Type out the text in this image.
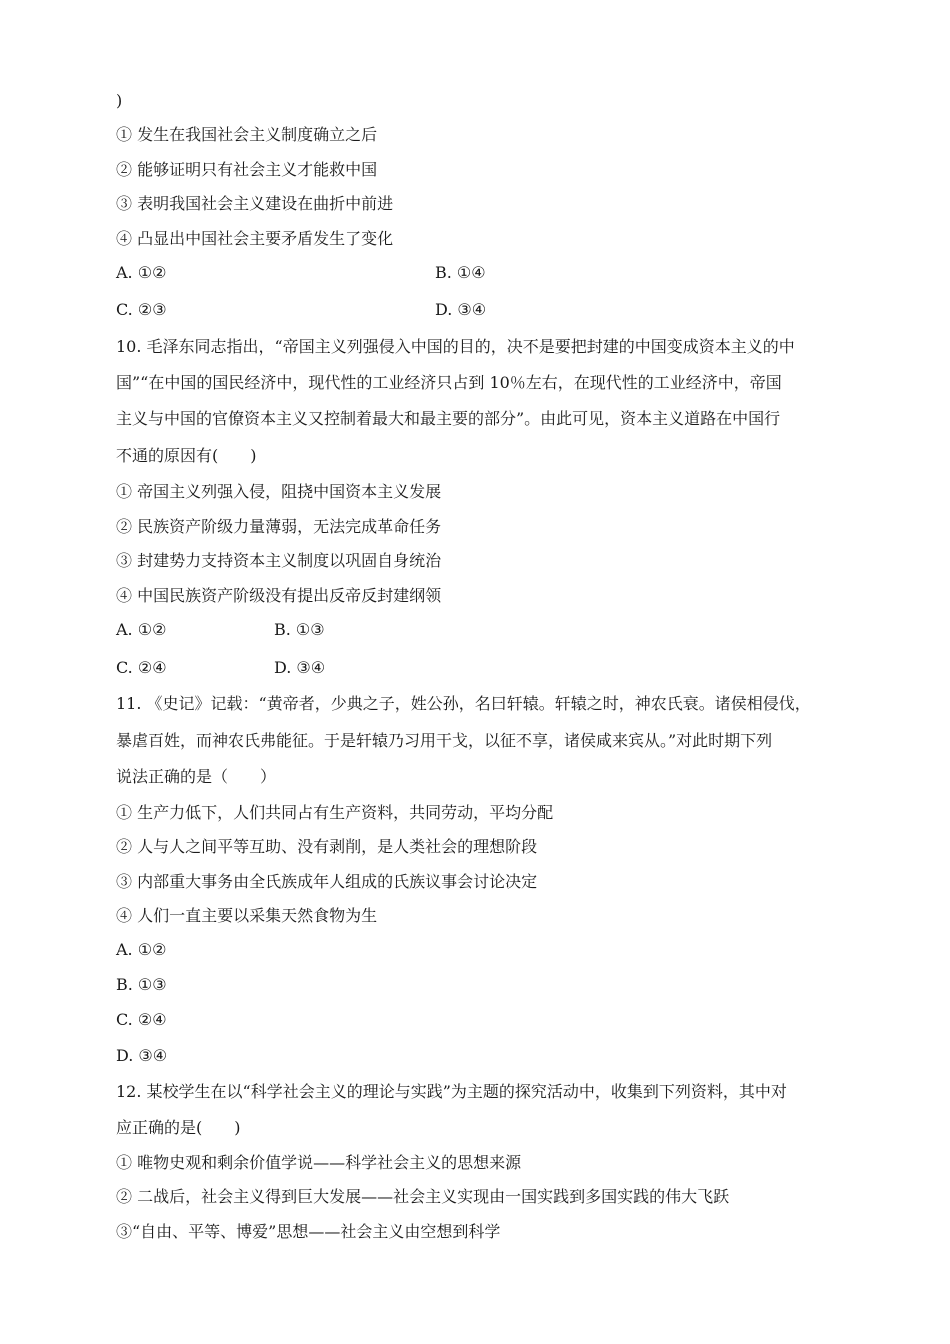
)
① 发生在我国社会主义制度确立之后
② 能够证明只有社会主义才能救中国
③ 表明我国社会主义建设在曲折中前进
④ 凸显出中国社会主要矛盾发生了变化
A. ①②	B. ①④
C. ②③	D. ③④
10. 毛泽东同志指出，“帝国主义列强侵入中国的目的，决不是要把封建的中国变成资本主义的中
国”“在中国的国民经济中，现代性的工业经济只占到 10％左右，在现代性的工业经济中，帝国
主义与中国的官僚资本主义又控制着最大和最主要的部分”。由此可见，资本主义道路在中国行
不通的原因有(　　)
① 帝国主义列强入侵，阻挠中国资本主义发展
② 民族资产阶级力量薄弱，无法完成革命任务
③ 封建势力支持资本主义制度以巩固自身统治
④ 中国民族资产阶级没有提出反帝反封建纲领
A. ①②	B. ①③
C. ②④	D. ③④
11. 《史记》记载：“黄帝者，少典之子，姓公孙，名曰轩辕。轩辕之时，神农氏衰。诸侯相侵伐，
暴虐百姓，而神农氏弗能征。于是轩辕乃习用干戈，以征不享，诸侯咸来宾从。”对此时期下列
说法正确的是（　　）
① 生产力低下，人们共同占有生产资料，共同劳动，平均分配
② 人与人之间平等互助、没有剥削，是人类社会的理想阶段
③ 内部重大事务由全氏族成年人组成的氏族议事会讨论决定
④ 人们一直主要以采集天然食物为生
A. ①②
B. ①③
C. ②④
D. ③④
12. 某校学生在以“科学社会主义的理论与实践”为主题的探究活动中，收集到下列资料，其中对
应正确的是(　　)
① 唯物史观和剩余价值学说——科学社会主义的思想来源
② 二战后，社会主义得到巨大发展——社会主义实现由一国实践到多国实践的伟大飞跃
③“自由、平等、博爱”思想——社会主义由空想到科学
